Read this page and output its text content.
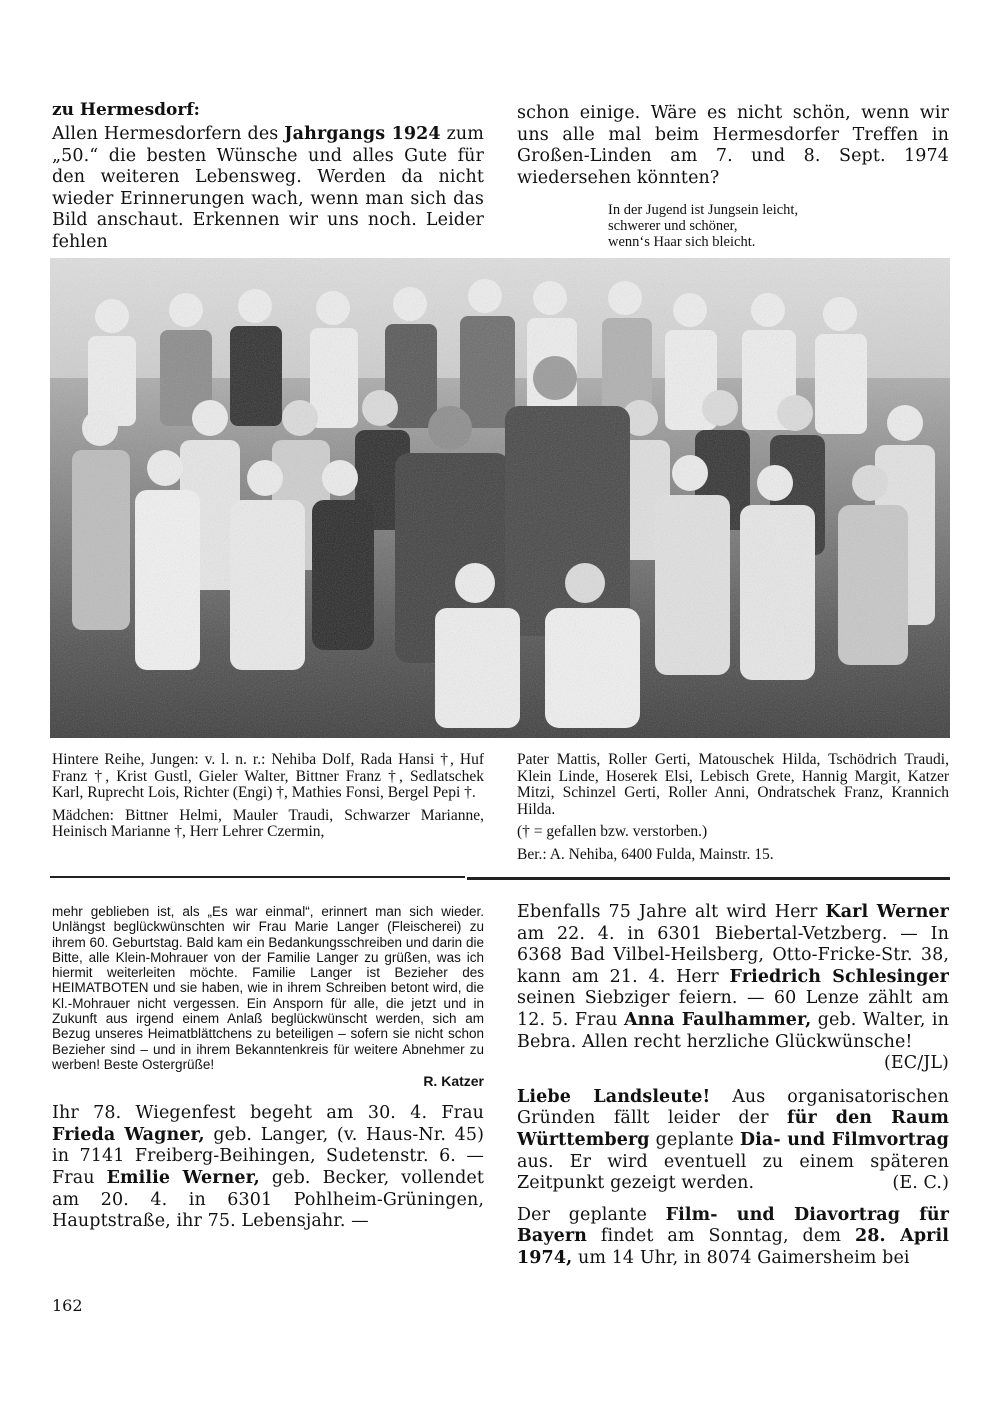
zu Hermesdorf:

Allen Hermesdorfern des Jahrgangs 1924 zum „50.“ die besten Wünsche und alles Gute für den weiteren Lebensweg. Werden da nicht wieder Erinnerungen wach, wenn man sich das Bild anschaut. Erkennen wir uns noch. Leider fehlen

schon einige. Wäre es nicht schön, wenn wir uns alle mal beim Hermesdorfer Treffen in Großen-Linden am 7. und 8. Sept. 1974 wiedersehen könnten?

In der Jugend ist Jungsein leicht,
schwerer und schöner,
wenn‘s Haar sich bleicht.

Hintere Reihe, Jungen: v. l. n. r.: Nehiba Dolf, Rada Hansi †, Huf Franz †, Krist Gustl, Gieler Walter, Bittner Franz †, Sedlatschek Karl, Ruprecht Lois, Richter (Engi) †, Mathies Fonsi, Bergel Pepi †.

Mädchen: Bittner Helmi, Mauler Traudi, Schwarzer Marianne, Heinisch Marianne †, Herr Lehrer Czermin,

Pater Mattis, Roller Gerti, Matouschek Hilda, Tschödrich Traudi, Klein Linde, Hoserek Elsi, Lebisch Grete, Hannig Margit, Katzer Mitzi, Schinzel Gerti, Roller Anni, Ondratschek Franz, Krannich Hilda.

(† = gefallen bzw. verstorben.)

Ber.: A. Nehiba, 6400 Fulda, Mainstr. 15.

mehr geblieben ist, als „Es war einmal“, erinnert man sich wieder. Unlängst beglückwünschten wir Frau Marie Langer (Fleischerei) zu ihrem 60. Geburtstag. Bald kam ein Bedankungsschreiben und darin die Bitte, alle Klein-Mohrauer von der Familie Langer zu grüßen, was ich hiermit weiterleiten möchte. Familie Langer ist Bezieher des HEIMATBOTEN und sie haben, wie in ihrem Schreiben betont wird, die Kl.-Mohrauer nicht vergessen. Ein Ansporn für alle, die jetzt und in Zukunft aus irgend einem Anlaß beglückwünscht werden, sich am Bezug unseres Heimatblättchens zu beteiligen – sofern sie nicht schon Bezieher sind – und in ihrem Bekanntenkreis für weitere Abnehmer zu werben! Beste Ostergrüße!

R. Katzer

Ihr 78. Wiegenfest begeht am 30. 4. Frau Frieda Wagner, geb. Langer, (v. Haus-Nr. 45) in 7141 Freiberg-Beihingen, Sudetenstr. 6. — Frau Emilie Werner, geb. Becker, vollendet am 20. 4. in 6301 Pohlheim-Grüningen, Hauptstraße, ihr 75. Lebensjahr. —

Ebenfalls 75 Jahre alt wird Herr Karl Werner am 22. 4. in 6301 Biebertal-Vetzberg. — In 6368 Bad Vilbel-Heilsberg, Otto-Fricke-Str. 38, kann am 21. 4. Herr Friedrich Schlesinger seinen Siebziger feiern. — 60 Lenze zählt am 12. 5. Frau Anna Faulhammer, geb. Walter, in Bebra. Allen recht herzliche Glückwünsche!

(EC/JL)

Liebe Landsleute! Aus organisatorischen Gründen fällt leider der für den Raum Württemberg geplante Dia- und Filmvortrag aus. Er wird eventuell zu einem späteren Zeitpunkt gezeigt werden.	(E. C.)

Der geplante Film- und Diavortrag für Bayern findet am Sonntag, dem 28. April 1974, um 14 Uhr, in 8074 Gaimersheim bei

162
